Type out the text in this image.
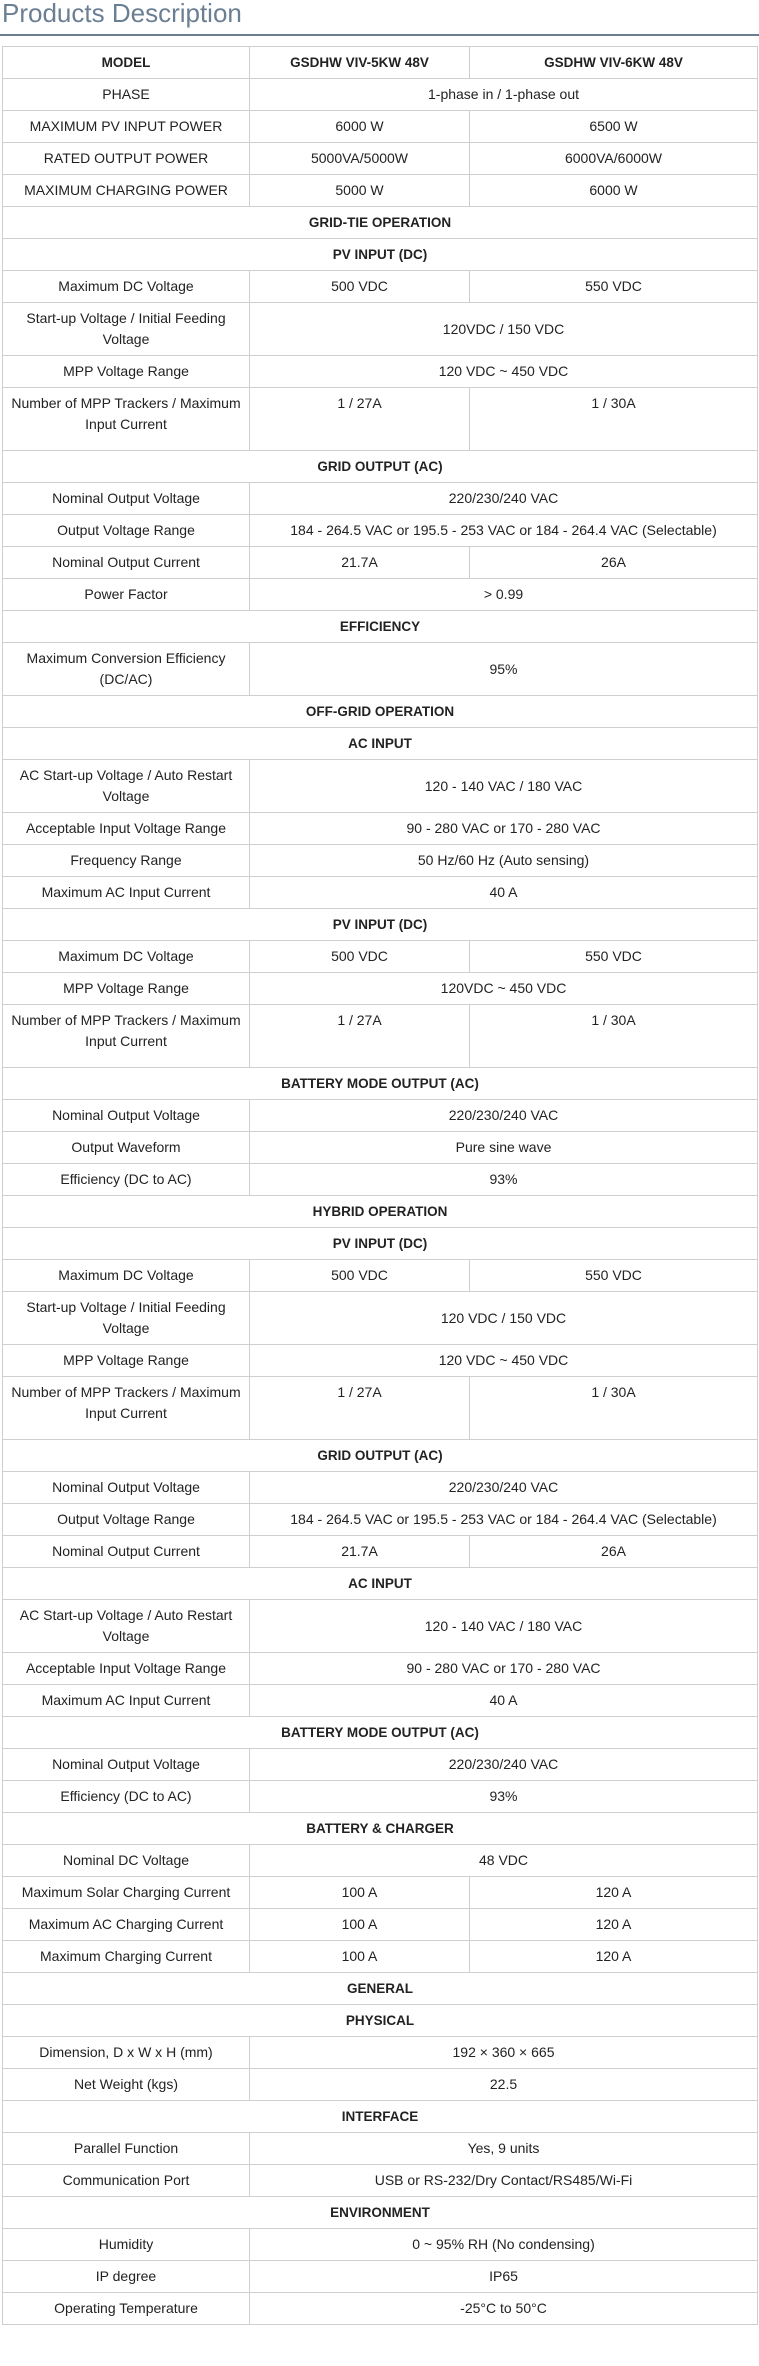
Products Description
MODEL	GSDHW VIV-5KW 48V	GSDHW VIV-6KW 48V
PHASE	1-phase in / 1-phase out	
MAXIMUM PV INPUT POWER	6000 W	6500 W
RATED OUTPUT POWER	5000VA/5000W	6000VA/6000W
MAXIMUM CHARGING POWER	5000 W	6000 W
GRID-TIE OPERATION		
PV INPUT (DC)		
Maximum DC Voltage	500 VDC	550 VDC
Start-up Voltage / Initial Feeding Voltage	120VDC / 150 VDC	
MPP Voltage Range	120 VDC ~ 450 VDC	
Number of MPP Trackers / Maximum Input Current	1 / 27A	1 / 30A
GRID OUTPUT (AC)		
Nominal Output Voltage	220/230/240 VAC	
Output Voltage Range	184 - 264.5 VAC or 195.5 - 253 VAC or 184 - 264.4 VAC (Selectable)	
Nominal Output Current	21.7A	26A
Power Factor	> 0.99	
EFFICIENCY		
Maximum Conversion Efficiency (DC/AC)	95%	
OFF-GRID OPERATION		
AC INPUT		
AC Start-up Voltage / Auto Restart Voltage	120 - 140 VAC / 180 VAC	
Acceptable Input Voltage Range	90 - 280 VAC or 170 - 280 VAC	
Frequency Range	50 Hz/60 Hz (Auto sensing)	
Maximum AC Input Current	40 A	
PV INPUT (DC)		
Maximum DC Voltage	500 VDC	550 VDC
MPP Voltage Range	120VDC ~ 450 VDC	
Number of MPP Trackers / Maximum Input Current	1 / 27A	1 / 30A
BATTERY MODE OUTPUT (AC)		
Nominal Output Voltage	220/230/240 VAC	
Output Waveform	Pure sine wave	
Efficiency (DC to AC)	93%	
HYBRID OPERATION		
PV INPUT (DC)		
Maximum DC Voltage	500 VDC	550 VDC
Start-up Voltage / Initial Feeding Voltage	120 VDC / 150 VDC	
MPP Voltage Range	120 VDC ~ 450 VDC	
Number of MPP Trackers / Maximum Input Current	1 / 27A	1 / 30A
GRID OUTPUT (AC)		
Nominal Output Voltage	220/230/240 VAC	
Output Voltage Range	184 - 264.5 VAC or 195.5 - 253 VAC or 184 - 264.4 VAC (Selectable)	
Nominal Output Current	21.7A	26A
AC INPUT		
AC Start-up Voltage / Auto Restart Voltage	120 - 140 VAC / 180 VAC	
Acceptable Input Voltage Range	90 - 280 VAC or 170 - 280 VAC	
Maximum AC Input Current	40 A	
BATTERY MODE OUTPUT (AC)		
Nominal Output Voltage	220/230/240 VAC	
Efficiency (DC to AC)	93%	
BATTERY & CHARGER		
Nominal DC Voltage	48 VDC	
Maximum Solar Charging Current	100 A	120 A
Maximum AC Charging Current	100 A	120 A
Maximum Charging Current	100 A	120 A
GENERAL		
PHYSICAL		
Dimension, D x W x H (mm)	192 × 360 × 665	
Net Weight (kgs)	22.5	
INTERFACE		
Parallel Function	Yes, 9 units	
Communication Port	USB or RS-232/Dry Contact/RS485/Wi-Fi	
ENVIRONMENT		
Humidity	0 ~ 95% RH (No condensing)	
IP degree	IP65	
Operating Temperature	-25°C to 50°C	
